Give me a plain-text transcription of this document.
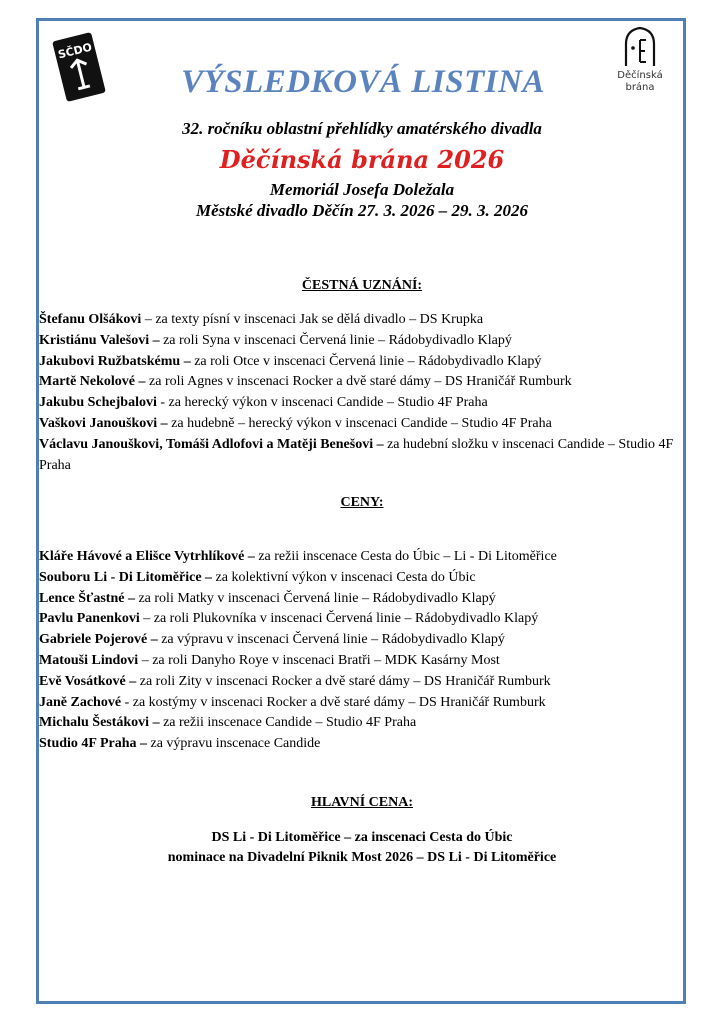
SČDO
Děčínská
brána
VÝSLEDKOVÁ LISTINA
32. ročníku oblastní přehlídky amatérského divadla
Děčínská brána 2026
Memoriál Josefa Doležala
Městské divadlo Děčín 27. 3. 2026 – 29. 3. 2026
ČESTNÁ UZNÁNÍ:

Štefanu Olšákovi – za texty písní v inscenaci Jak se dělá divadlo – DS Krupka

Kristiánu Valešovi – za roli Syna v inscenaci Červená linie – Rádobydivadlo Klapý

Jakubovi Ružbatskému – za roli Otce v inscenaci Červená linie – Rádobydivadlo Klapý

Martě Nekolové – za roli Agnes v inscenaci Rocker a dvě staré dámy – DS Hraničář Rumburk

Jakubu Schejbalovi - za herecký výkon v inscenaci Candide – Studio 4F Praha

Vaškovi Janouškovi – za hudebně – herecký výkon v inscenaci Candide – Studio 4F Praha

Václavu Janouškovi, Tomáši Adlofovi a Matěji Benešovi – za hudební složku v inscenaci Candide – Studio 4F Praha

CENY:

Kláře Hávové a Elišce Vytrhlíkové – za režii inscenace Cesta do Úbic – Li - Di Litoměřice

Souboru Li - Di Litoměřice – za kolektivní výkon v inscenaci Cesta do Úbic

Lence Šťastné – za roli Matky v inscenaci Červená linie – Rádobydivadlo Klapý

Pavlu Panenkovi – za roli Plukovníka v inscenaci Červená linie – Rádobydivadlo Klapý

Gabriele Pojerové – za výpravu v inscenaci Červená linie – Rádobydivadlo Klapý

Matouši Lindovi – za roli Danyho Roye v inscenaci Bratři – MDK Kasárny Most

Evě Vosátkové – za roli Zity v inscenaci Rocker a dvě staré dámy – DS Hraničář Rumburk

Janě Zachové - za kostýmy v inscenaci Rocker a dvě staré dámy – DS Hraničář Rumburk

Michalu Šestákovi – za režii inscenace Candide – Studio 4F Praha

Studio 4F Praha – za výpravu inscenace Candide

HLAVNÍ CENA:
DS Li - Di Litoměřice – za inscenaci Cesta do Úbic
nominace na Divadelní Piknik Most 2026 – DS Li - Di Litoměřice
